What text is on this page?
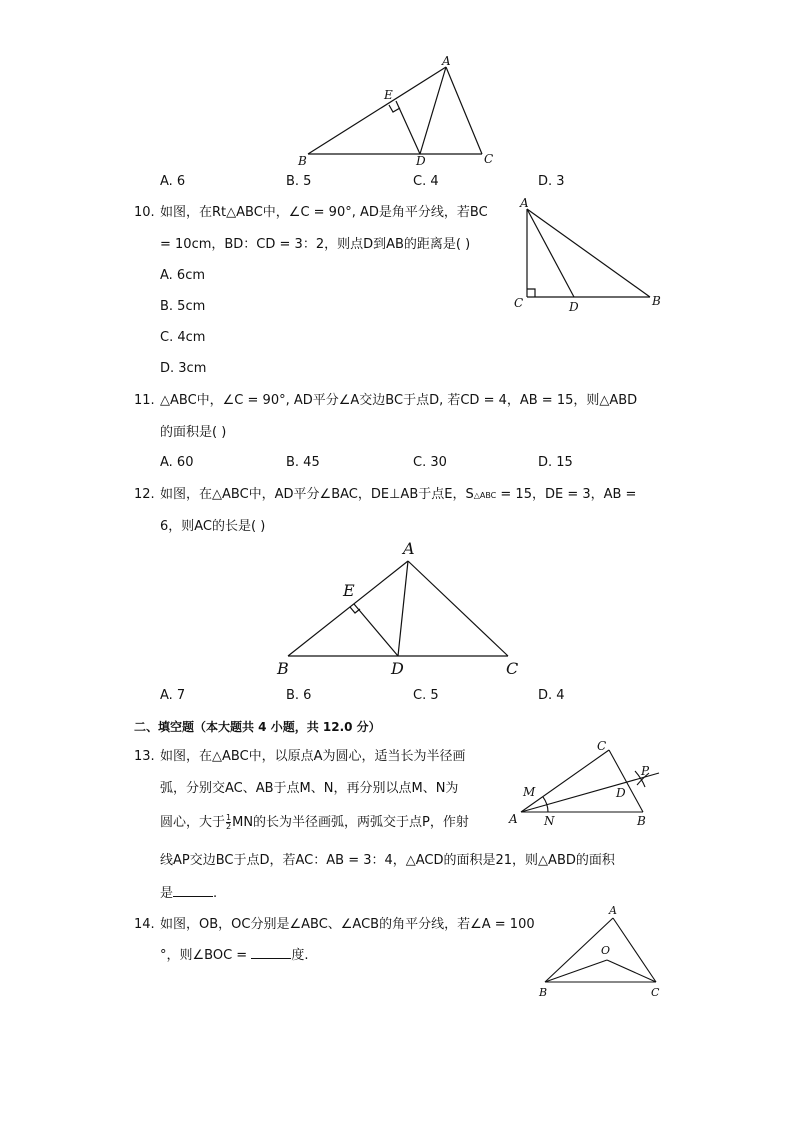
A
E
B	D	C
A. 6	B. 5	C. 4	D. 3
10. 如图，在Rt△ABC中，∠C = 90°, AD是角平分线，若BC
= 10cm，BD：CD = 3：2，则点D到AB的距离是( )
A. 6cm
B. 5cm
C. 4cm
D. 3cm
A
C	D	B
11. △ABC中，∠C = 90°, AD平分∠A交边BC于点D, 若CD = 4，AB = 15，则△ABD
的面积是( )
A. 60	B. 45	C. 30	D. 15
12. 如图，在△ABC中，AD平分∠BAC，DE⊥AB于点E，S△ABC = 15，DE = 3，AB =
6，则AC的长是( )
A
E
B	D	C
A. 7	B. 6	C. 5	D. 4
二、填空题（本大题共 4 小题，共 12.0 分）
13. 如图，在△ABC中，以原点A为圆心，适当长为半径画
弧，分别交AC、AB于点M、N，再分别以点M、N为
圆心，大于 $\frac{1}{2}$ MN的长为半径画弧，两弧交于点P，作射
线AP交边BC于点D，若AC：AB = 3：4，△ACD的面积是21，则△ABD的面积
是	.
C
P
M	D
A N	B
14. 如图，OB，OC分别是∠ABC、∠ACB的角平分线，若∠A = 100
°，则∠BOC =	度.
A
O
B	C
